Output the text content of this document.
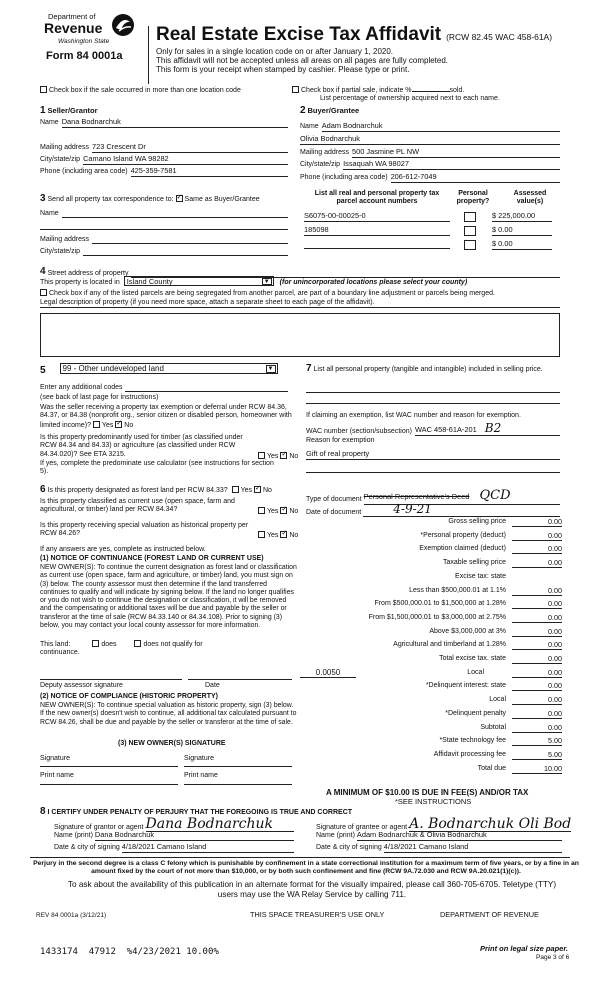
Department of
Revenue
Washington State
Form 84 0001a
Real Estate Excise Tax Affidavit (RCW 82.45 WAC 458-61A)
Only for sales in a single location code on or after January 1, 2020.
This affidavit will not be accepted unless all areas on all pages are fully completed.
This form is your receipt when stamped by cashier. Please type or print.
Check box if the sale occurred in more than one location code	Check box if partial sale, indicate %	sold.
List percentage of ownership acquired next to each name.
1 Seller/Grantor
Name Dana Bodnarchuk
Mailing address 723 Crescent Dr
City/state/zip Camano Island WA 98282
Phone (including area code) 425-359-7581
2 Buyer/Grantee
Name Adam Bodnarchuk
Olivia Bodnarchuk
Mailing address 500 Jasmine PL NW
City/state/zip Issaquah WA 98027
Phone (including area code) 206-612-7049
3 Send all property tax correspondence to: ✓ Same as Buyer/Grantee
Name
Mailing address
City/state/zip
List all real and personal property tax parcel account numbers
Personal property?
Assessed value(s)
S6075-00-00025-0	$ 225,000.00
185098	$ 0.00
$ 0.00
4 Street address of property
This property is located in Island County	▼ (for unincorporated locations please select your county)
Check box if any of the listed parcels are being segregated from another parcel, are part of a boundary line adjustment or parcels being merged.
Legal description of property (if you need more space, attach a separate sheet to each page of the affidavit).
5 99 - Other undeveloped land	▼
Enter any additional codes
(see back of last page for instructions)
Was the seller receiving a property tax exemption or deferral under RCW 84.36, 84.37, or 84.38 (nonprofit org., senior citizen or disabled person, homeowner with limited income)? Yes ✓ No
Is this property predominantly used for timber (as classified under RCW 84.34 and 84.33) or agriculture (as classified under RCW 84.34.020)? See ETA 3215.	Yes ✓ No
If yes, complete the predominate use calculator (see instructions for section 5).
6 Is this property designated as forest land per RCW 84.33? Yes ✓ No
Is this property classified as current use (open space, farm and agricultural, or timber) land per RCW 84.34?	Yes ✓ No
Is this property receiving special valuation as historical property per RCW 84.26?	Yes ✓ No
If any answers are yes, complete as instructed below.
(1) NOTICE OF CONTINUANCE (FOREST LAND OR CURRENT USE)
NEW OWNER(S): To continue the current designation as forest land or classification as current use (open space, farm and agriculture, or timber) land, you must sign on (3) below. The county assessor must then determine if the land transferred continues to qualify and will indicate by signing below. If the land no longer qualifies or you do not wish to continue the designation or classification, it will be removed and the compensating or additional taxes will be due and payable by the seller or transferor at the time of sale (RCW 84.33.140 or 84.34.108). Prior to signing (3) below, you may contact your local county assessor for more information.
This land:	does	does not qualify for
continuance.
Deputy assessor signature	Date
(2) NOTICE OF COMPLIANCE (HISTORIC PROPERTY)
NEW OWNER(S): To continue special valuation as historic property, sign (3) below. If the new owner(s) doesn't wish to continue, all additional tax calculated pursuant to RCW 84.26, shall be due and payable by the seller or transferor at the time of sale.
(3) NEW OWNER(S) SIGNATURE
Signature	Signature
Print name	Print name
7 List all personal property (tangible and intangible) included in selling price.
If claiming an exemption, list WAC number and reason for exemption.
WAC number (section/subsection) WAC 458-61A-201 B2
Reason for exemption
Gift of real property
Type of document Personal Representative's Deed QCD
Date of document	4-9-21
Gross selling price	0.00
*Personal property (deduct)	0.00
Exemption claimed (deduct)	0.00
Taxable selling price	0.00
Excise tax: state
Less than $500,000.01 at 1.1%	0.00
From $500,000.01 to $1,500,000 at 1.28%	0.00
From $1,500,000.01 to $3,000,000 at 2.75%	0.00
Above $3,000,000 at 3%	0.00
Agricultural and timberland at 1.28%	0.00
Total excise tax. state	0.00
Local	0.00
0.0050
*Delinquent interest: state	0.00
Local	0.00
*Delinquent penalty	0.00
Subtotal	0.00
*State technology fee	5.00
Affidavit processing fee	5.00
Total due	10.00
A MINIMUM OF $10.00 IS DUE IN FEE(S) AND/OR TAX
*SEE INSTRUCTIONS
8 I CERTIFY UNDER PENALTY OF PERJURY THAT THE FOREGOING IS TRUE AND CORRECT
Signature of grantor or agent Dana Bodnarchuk
Name (print) Dana Bodnarchuk
Date & city of signing 4/18/2021 Camano Island
Signature of grantee or agent A. Bodnarchuk Oli Bod
Name (print) Adam Bodnarchuk & Olivia Bodnarchuk
Date & city of signing 4/18/2021 Camano Island
Perjury in the second degree is a class C felony which is punishable by confinement in a state correctional institution for a maximum term of five years, or by a fine in an amount fixed by the court of not more than $10,000, or by both such confinement and fine (RCW 9A.72.030 and RCW 9A.20.021(1)(c)).
To ask about the availability of this publication in an alternate format for the visually impaired, please call 360-705-6705. Teletype (TTY) users may use the WA Relay Service by calling 711.
REV 84 0001a (3/12/21)	THIS SPACE TREASURER'S USE ONLY	DEPARTMENT OF REVENUE
1433174  47912  %4/23/2021 10.00%	Print on legal size paper.
Page 3 of 6
